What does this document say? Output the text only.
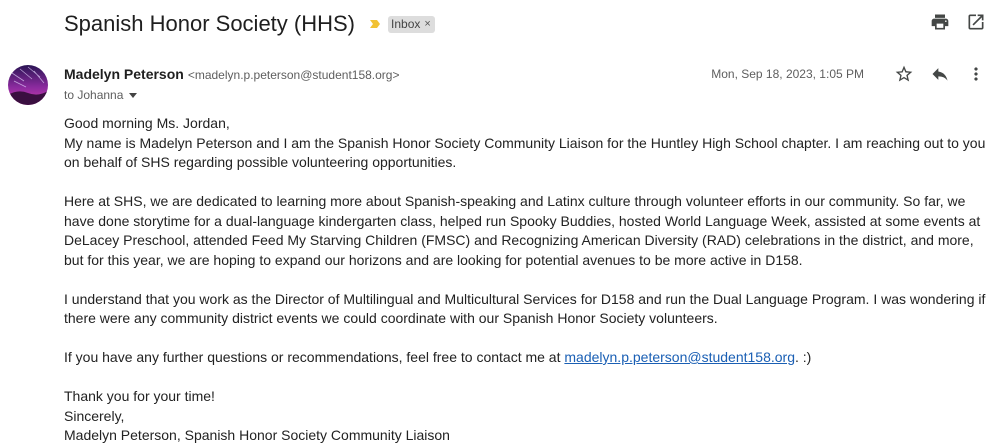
Spanish Honor Society (HHS)	Inbox ×
Madelyn Peterson <madelyn.p.peterson@student158.org>
to Johanna
Mon, Sep 18, 2023, 1:05 PM

Good morning Ms. Jordan,

My name is Madelyn Peterson and I am the Spanish Honor Society Community Liaison for the Huntley High School chapter. I am reaching out to you on behalf of SHS regarding possible volunteering opportunities.

Here at SHS, we are dedicated to learning more about Spanish-speaking and Latinx culture through volunteer efforts in our community. So far, we have done storytime for a dual-language kindergarten class, helped run Spooky Buddies, hosted World Language Week, assisted at some events at DeLacey Preschool, attended Feed My Starving Children (FMSC) and Recognizing American Diversity (RAD) celebrations in the district, and more, but for this year, we are hoping to expand our horizons and are looking for potential avenues to be more active in D158.

I understand that you work as the Director of Multilingual and Multicultural Services for D158 and run the Dual Language Program. I was wondering if there were any community district events we could coordinate with our Spanish Honor Society volunteers.

If you have any further questions or recommendations, feel free to contact me at madelyn.p.peterson@student158.org. :)

Thank you for your time!

Sincerely,

Madelyn Peterson, Spanish Honor Society Community Liaison
